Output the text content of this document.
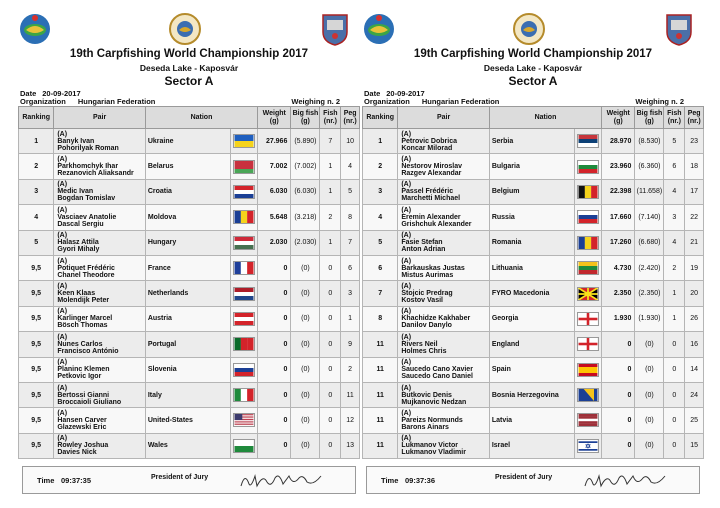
19th Carpfishing World Championship 2017
Deseda Lake - Kaposvár
Sector A
Date 20-09-2017
Organization Hungarian Federation	Weighing n. 2
Ranking	Pair	Nation		Weight (g)	Big fish (g)	Fish (nr.)	Peg (nr.)
1	(A)
Banyk Ivan
Pohorilyak Roman	Ukraine		27.966	(5.890)	7	10
2	(A)
Parkhomchyk Ihar
Rezanovich Aliaksandr	Belarus		7.002	(7.002)	1	4
3	(A)
Medic Ivan
Bogdan Tomislav	Croatia		6.030	(6.030)	1	5
4	(A)
Vasciaev Anatolie
Dascal Sergiu	Moldova		5.648	(3.218)	2	8
5	(A)
Halasz Attila
Gyori Mihaly	Hungary		2.030	(2.030)	1	7
9,5	(A)
Potiquet Frédéric
Chanel Theodore	France		0	(0)	0	6
9,5	(A)
Keen Klaas
Molendijk Peter	Netherlands		0	(0)	0	3
9,5	(A)
Karlinger Marcel
Bösch Thomas	Austria		0	(0)	0	1
9,5	(A)
Nunes Carlos
Francisco António	Portugal		0	(0)	0	9
9,5	(A)
Planinc Klemen
Petkovic Igor	Slovenia		0	(0)	0	2
9,5	(A)
Bertossi Gianni
Broccaioli Giuliano	Italy		0	(0)	0	11
9,5	(A)
Hansen Carver
Glazewski Eric	United-States		0	(0)	0	12
9,5	(A)
Rowley Joshua
Davies Nick	Wales		0	(0)	0	13
Time 09:37:35	President of Jury
19th Carpfishing World Championship 2017
Deseda Lake - Kaposvár
Sector A
Date 20-09-2017
Organization Hungarian Federation	Weighing n. 2
Ranking	Pair	Nation		Weight (g)	Big fish (g)	Fish (nr.)	Peg (nr.)
1	(A)
Petrovic Dobrica
Koncar Milorad	Serbia		28.970	(8.530)	5	23
2	(A)
Nestorov Miroslav
Razgev Alexandar	Bulgaria		23.960	(6.360)	6	18
3	(A)
Passel Frédéric
Marchetti Michael	Belgium		22.398	(11.658)	4	17
4	(A)
Eremin Alexander
Grishchuk Alexander	Russia		17.660	(7.140)	3	22
5	(A)
Fasie Stefan
Anton Adrian	Romania		17.260	(6.680)	4	21
6	(A)
Barkauskas Justas
Mistus Aurimas	Lithuania		4.730	(2.420)	2	19
7	(A)
Stojcic Predrag
Kostov Vasil	FYRO Macedonia		2.350	(2.350)	1	20
8	(A)
Khachidze Kakhaber
Danilov Danylo	Georgia		1.930	(1.930)	1	26
11	(A)
Rivers Neil
Holmes Chris	England		0	(0)	0	16
11	(A)
Saucedo Cano Xavier
Saucedo Cano Daniel	Spain		0	(0)	0	14
11	(A)
Butkovic Denis
Mujkanovic Nedzan	Bosnia Herzegovina		0	(0)	0	24
11	(A)
Pareizs Normunds
Barons Ainars	Latvia		0	(0)	0	25
11	(A)
Lukmanov Victor
Lukmanov Vladimir	Israel		0	(0)	0	15
Time 09:37:36	President of Jury
